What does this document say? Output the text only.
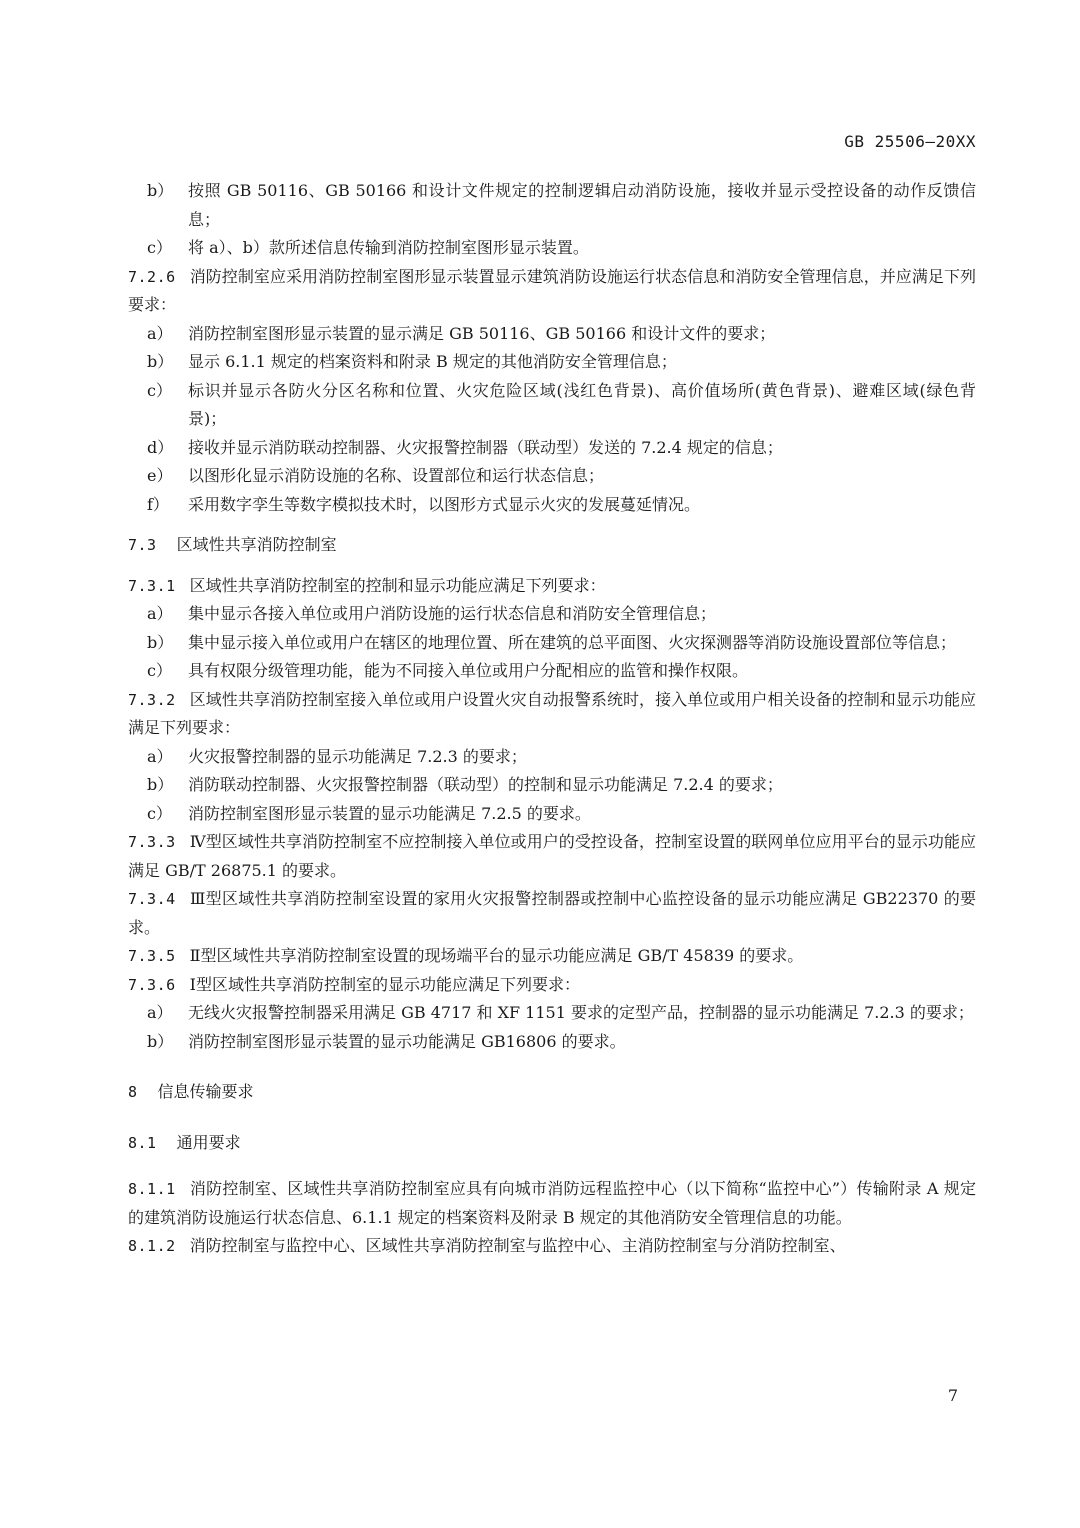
GB 25506—20XX
b） 按照 GB 50116、GB 50166 和设计文件规定的控制逻辑启动消防设施，接收并显示受控设备的动作反馈信息；
c） 将 a）、b）款所述信息传输到消防控制室图形显示装置。
7.2.6 消防控制室应采用消防控制室图形显示装置显示建筑消防设施运行状态信息和消防安全管理信息，并应满足下列要求：
a） 消防控制室图形显示装置的显示满足 GB 50116、GB 50166 和设计文件的要求；
b） 显示 6.1.1 规定的档案资料和附录 B 规定的其他消防安全管理信息；
c） 标识并显示各防火分区名称和位置、火灾危险区域(浅红色背景)、高价值场所(黄色背景)、避难区域(绿色背景)；
d） 接收并显示消防联动控制器、火灾报警控制器（联动型）发送的 7.2.4 规定的信息；
e） 以图形化显示消防设施的名称、设置部位和运行状态信息；
f） 采用数字孪生等数字模拟技术时，以图形方式显示火灾的发展蔓延情况。
7.3 区域性共享消防控制室
7.3.1 区域性共享消防控制室的控制和显示功能应满足下列要求：
a） 集中显示各接入单位或用户消防设施的运行状态信息和消防安全管理信息；
b） 集中显示接入单位或用户在辖区的地理位置、所在建筑的总平面图、火灾探测器等消防设施设置部位等信息；
c） 具有权限分级管理功能，能为不同接入单位或用户分配相应的监管和操作权限。
7.3.2 区域性共享消防控制室接入单位或用户设置火灾自动报警系统时，接入单位或用户相关设备的控制和显示功能应满足下列要求：
a） 火灾报警控制器的显示功能满足 7.2.3 的要求；
b） 消防联动控制器、火灾报警控制器（联动型）的控制和显示功能满足 7.2.4 的要求；
c） 消防控制室图形显示装置的显示功能满足 7.2.5 的要求。
7.3.3 Ⅳ型区域性共享消防控制室不应控制接入单位或用户的受控设备，控制室设置的联网单位应用平台的显示功能应满足 GB/T 26875.1 的要求。
7.3.4 Ⅲ型区域性共享消防控制室设置的家用火灾报警控制器或控制中心监控设备的显示功能应满足 GB22370 的要求。
7.3.5 Ⅱ型区域性共享消防控制室设置的现场端平台的显示功能应满足 GB/T 45839 的要求。
7.3.6 Ⅰ型区域性共享消防控制室的显示功能应满足下列要求：
a） 无线火灾报警控制器采用满足 GB 4717 和 XF 1151 要求的定型产品，控制器的显示功能满足 7.2.3 的要求；
b） 消防控制室图形显示装置的显示功能满足 GB16806 的要求。
8 信息传输要求
8.1 通用要求
8.1.1 消防控制室、区域性共享消防控制室应具有向城市消防远程监控中心（以下简称“监控中心”）传输附录 A 规定的建筑消防设施运行状态信息、6.1.1 规定的档案资料及附录 B 规定的其他消防安全管理信息的功能。
8.1.2 消防控制室与监控中心、区域性共享消防控制室与监控中心、主消防控制室与分消防控制室、
7
